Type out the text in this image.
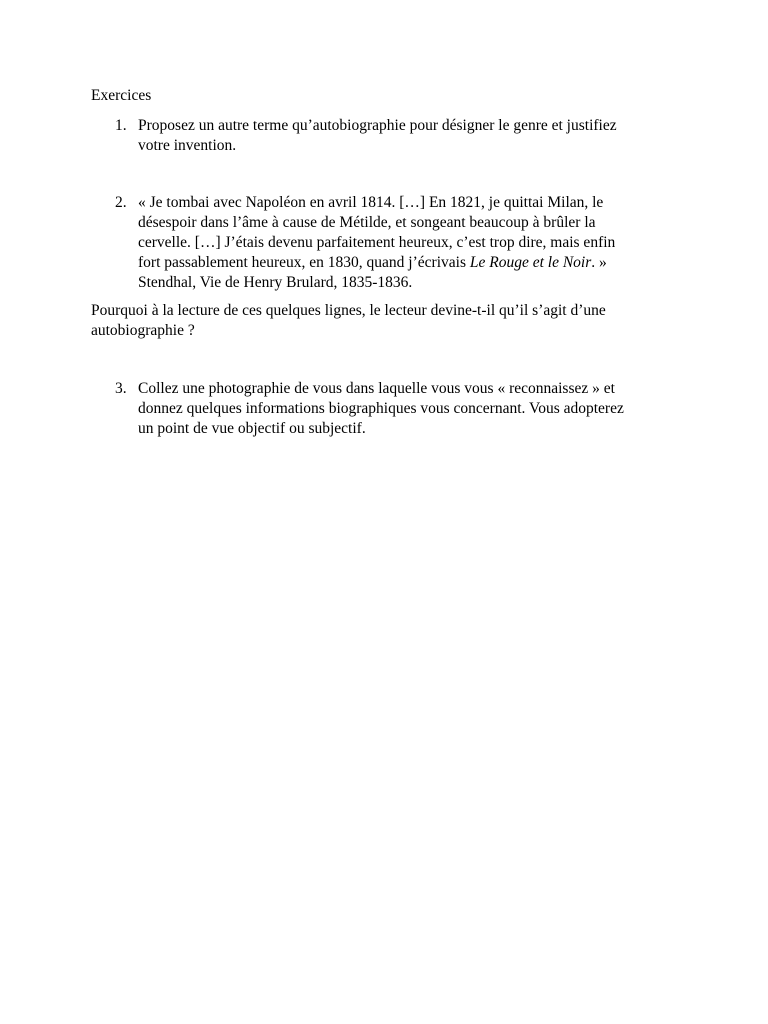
Exercices

1. Proposez un autre terme qu’autobiographie pour désigner le genre et justifiez
votre invention.
2. « Je tombai avec Napoléon en avril 1814. […] En 1821, je quittai Milan, le
désespoir dans l’âme à cause de Métilde, et songeant beaucoup à brûler la
cervelle. […] J’étais devenu parfaitement heureux, c’est trop dire, mais enfin
fort passablement heureux, en 1830, quand j’écrivais Le Rouge et le Noir. »
Stendhal, Vie de Henry Brulard, 1835-1836.
Pourquoi à la lecture de ces quelques lignes, le lecteur devine-t-il qu’il s’agit d’une
autobiographie ?
3. Collez une photographie de vous dans laquelle vous vous « reconnaissez » et
donnez quelques informations biographiques vous concernant. Vous adopterez
un point de vue objectif ou subjectif.
